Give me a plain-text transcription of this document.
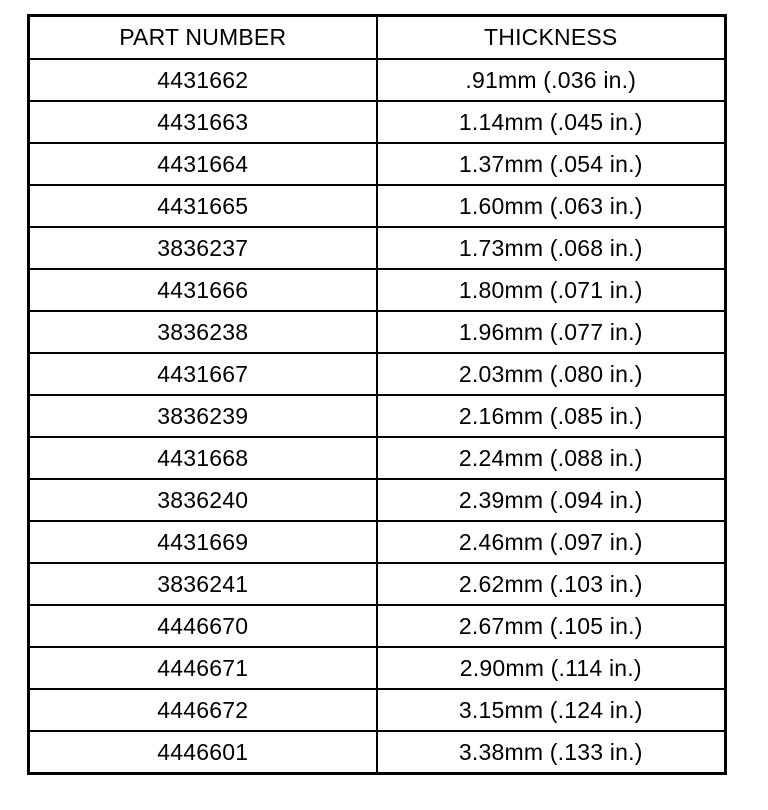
PART NUMBER	THICKNESS
4431662	.91mm (.036 in.)
4431663	1.14mm (.045 in.)
4431664	1.37mm (.054 in.)
4431665	1.60mm (.063 in.)
3836237	1.73mm (.068 in.)
4431666	1.80mm (.071 in.)
3836238	1.96mm (.077 in.)
4431667	2.03mm (.080 in.)
3836239	2.16mm (.085 in.)
4431668	2.24mm (.088 in.)
3836240	2.39mm (.094 in.)
4431669	2.46mm (.097 in.)
3836241	2.62mm (.103 in.)
4446670	2.67mm (.105 in.)
4446671	2.90mm (.114 in.)
4446672	3.15mm (.124 in.)
4446601	3.38mm (.133 in.)
